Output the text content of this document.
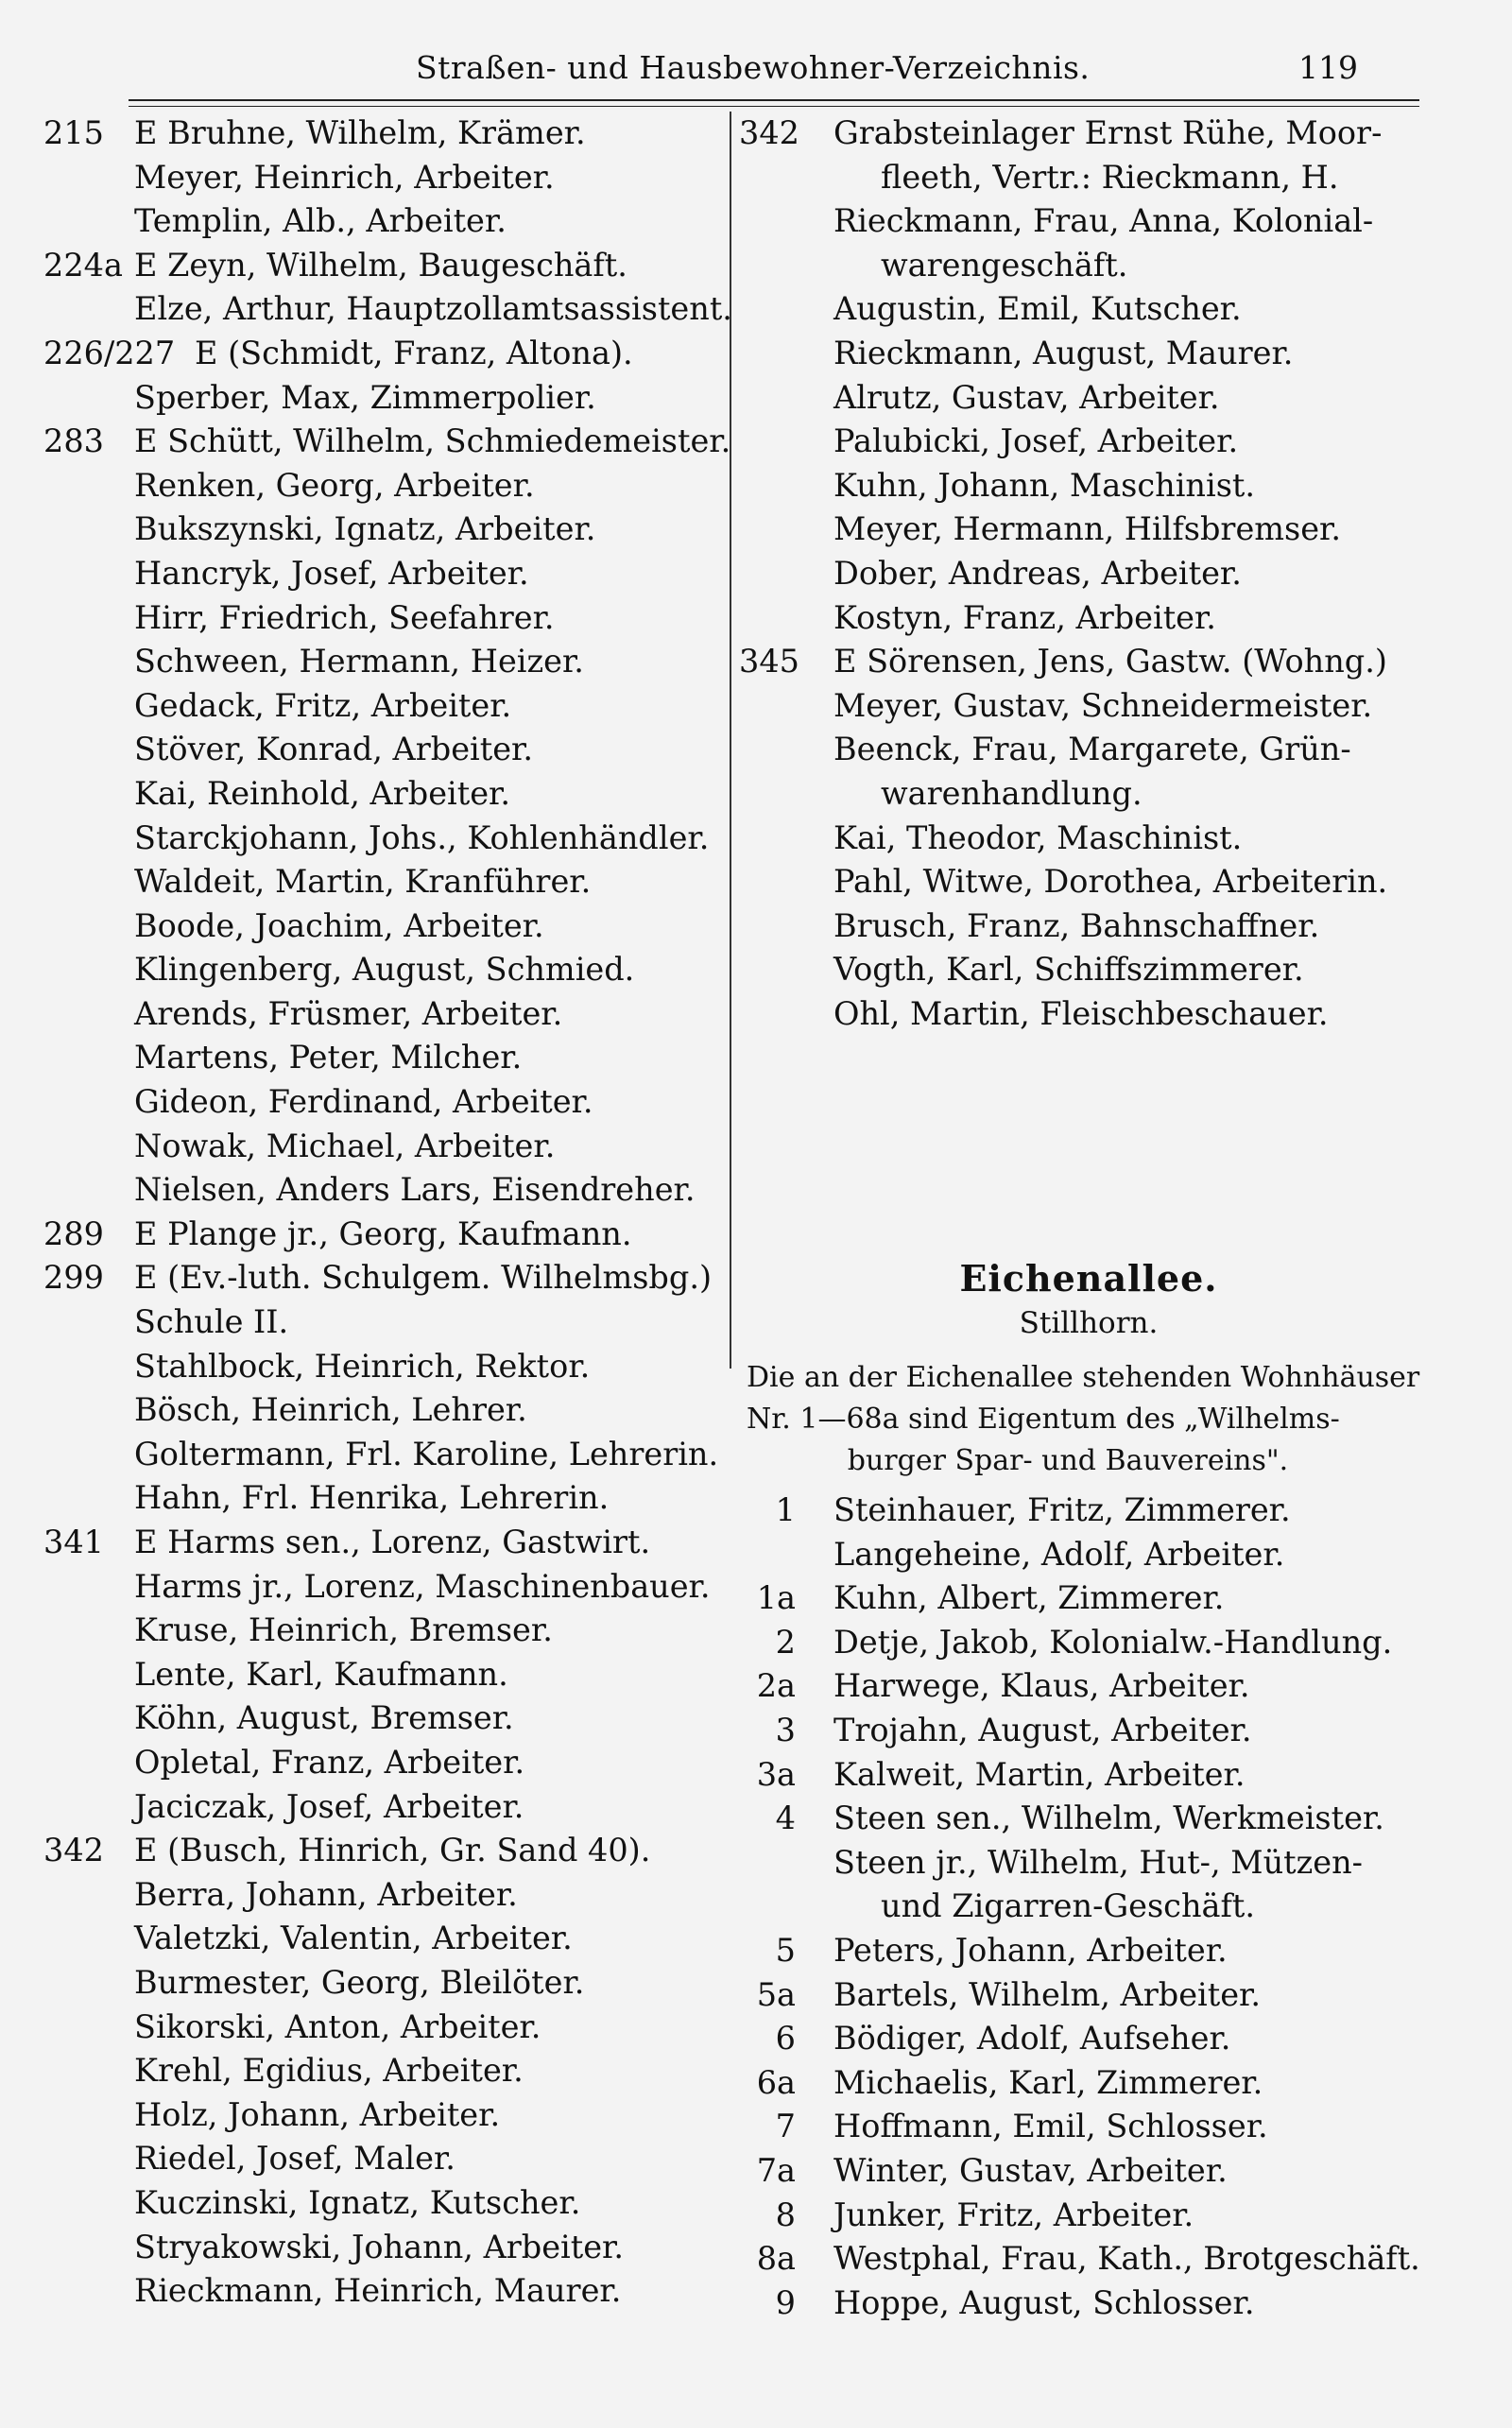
Straßen- und Hausbewohner-Verzeichnis.	119
215 E Bruhne, Wilhelm, Krämer.
Meyer, Heinrich, Arbeiter.
Templin, Alb., Arbeiter.
224a E Zeyn, Wilhelm, Baugeschäft.
Elze, Arthur, Hauptzollamtsassistent.
226/227 E (Schmidt, Franz, Altona).
Sperber, Max, Zimmerpolier.
283 E Schütt, Wilhelm, Schmiedemeister.
Renken, Georg, Arbeiter.
Bukszynski, Ignatz, Arbeiter.
Hancryk, Josef, Arbeiter.
Hirr, Friedrich, Seefahrer.
Schween, Hermann, Heizer.
Gedack, Fritz, Arbeiter.
Stöver, Konrad, Arbeiter.
Kai, Reinhold, Arbeiter.
Starckjohann, Johs., Kohlenhändler.
Waldeit, Martin, Kranführer.
Boode, Joachim, Arbeiter.
Klingenberg, August, Schmied.
Arends, Früsmer, Arbeiter.
Martens, Peter, Milcher.
Gideon, Ferdinand, Arbeiter.
Nowak, Michael, Arbeiter.
Nielsen, Anders Lars, Eisendreher.
289 E Plange jr., Georg, Kaufmann.
299 E (Ev.-luth. Schulgem. Wilhelmsbg.)
Schule II.
Stahlbock, Heinrich, Rektor.
Bösch, Heinrich, Lehrer.
Goltermann, Frl. Karoline, Lehrerin.
Hahn, Frl. Henrika, Lehrerin.
341 E Harms sen., Lorenz, Gastwirt.
Harms jr., Lorenz, Maschinenbauer.
Kruse, Heinrich, Bremser.
Lente, Karl, Kaufmann.
Köhn, August, Bremser.
Opletal, Franz, Arbeiter.
Jaciczak, Josef, Arbeiter.
342 E (Busch, Hinrich, Gr. Sand 40).
Berra, Johann, Arbeiter.
Valetzki, Valentin, Arbeiter.
Burmester, Georg, Bleilöter.
Sikorski, Anton, Arbeiter.
Krehl, Egidius, Arbeiter.
Holz, Johann, Arbeiter.
Riedel, Josef, Maler.
Kuczinski, Ignatz, Kutscher.
Stryakowski, Johann, Arbeiter.
Rieckmann, Heinrich, Maurer.
342	Grabsteinlager Ernst Rühe, Moor-
fleeth, Vertr.: Rieckmann, H.
Rieckmann, Frau, Anna, Kolonial-
warengeschäft.
Augustin, Emil, Kutscher.
Rieckmann, August, Maurer.
Alrutz, Gustav, Arbeiter.
Palubicki, Josef, Arbeiter.
Kuhn, Johann, Maschinist.
Meyer, Hermann, Hilfsbremser.
Dober, Andreas, Arbeiter.
Kostyn, Franz, Arbeiter.
345	E Sörensen, Jens, Gastw. (Wohng.)
Meyer, Gustav, Schneidermeister.
Beenck, Frau, Margarete, Grün-
warenhandlung.
Kai, Theodor, Maschinist.
Pahl, Witwe, Dorothea, Arbeiterin.
Brusch, Franz, Bahnschaffner.
Vogth, Karl, Schiffszimmerer.
Ohl, Martin, Fleischbeschauer.
Eichenallee.
Stillhorn.
Die an der Eichenallee stehenden Wohnhäuser
Nr. 1—68a sind Eigentum des „Wilhelms-
burger Spar- und Bauvereins".
1 Steinhauer, Fritz, Zimmerer.
Langeheine, Adolf, Arbeiter.
1a Kuhn, Albert, Zimmerer.
2 Detje, Jakob, Kolonialw.-Handlung.
2a Harwege, Klaus, Arbeiter.
3 Trojahn, August, Arbeiter.
3a Kalweit, Martin, Arbeiter.
4 Steen sen., Wilhelm, Werkmeister.
Steen jr., Wilhelm, Hut-, Mützen-
und Zigarren-Geschäft.
5 Peters, Johann, Arbeiter.
5a Bartels, Wilhelm, Arbeiter.
6 Bödiger, Adolf, Aufseher.
6a Michaelis, Karl, Zimmerer.
7 Hoffmann, Emil, Schlosser.
7a Winter, Gustav, Arbeiter.
8 Junker, Fritz, Arbeiter.
8a Westphal, Frau, Kath., Brotgeschäft.
9 Hoppe, August, Schlosser.
